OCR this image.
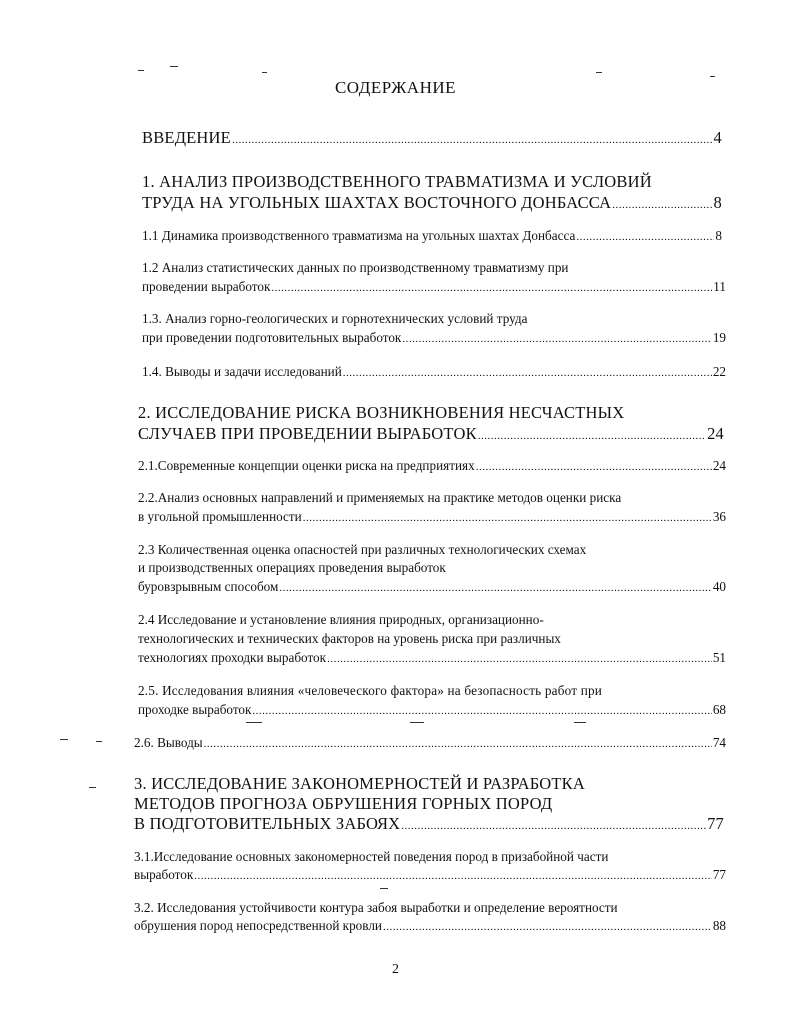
СОДЕРЖАНИЕ
ВВЕДЕНИЕ .....	4
1. АНАЛИЗ ПРОИЗВОДСТВЕННОГО ТРАВМАТИЗМА И УСЛОВИЙ
ТРУДА НА УГОЛЬНЫХ ШАХТАХ ВОСТОЧНОГО ДОНБАССА .....	8
1.1 Динамика производственного травматизма на угольных шахтах Донбасса .....	8
1.2 Анализ статистических данных по производственному травматизму при
проведении выработок .....	11
1.3. Анализ горно-геологических и горнотехнических условий труда
при проведении подготовительных выработок .....	19
1.4. Выводы и задачи исследований .....	22
2. ИССЛЕДОВАНИЕ РИСКА ВОЗНИКНОВЕНИЯ НЕСЧАСТНЫХ
СЛУЧАЕВ ПРИ ПРОВЕДЕНИИ ВЫРАБОТОК .....	24
2.1.Современные концепции оценки риска на предприятиях .....	24
2.2.Анализ основных направлений и применяемых на практике методов оценки риска
в угольной промышленности .....	36
2.3 Количественная оценка опасностей при различных технологических схемах
и производственных операциях проведения выработок
буровзрывным способом .....	40
2.4 Исследование и установление влияния природных, организационно-
технологических и технических факторов на уровень риска при различных
технологиях проходки выработок .....	51
2.5. Исследования влияния «человеческого фактора» на безопасность работ при
проходке выработок .....	68
2.6. Выводы .....	74
3. ИССЛЕДОВАНИЕ ЗАКОНОМЕРНОСТЕЙ И РАЗРАБОТКА
МЕТОДОВ ПРОГНОЗА ОБРУШЕНИЯ ГОРНЫХ ПОРОД
В ПОДГОТОВИТЕЛЬНЫХ ЗАБОЯХ .....	77
3.1.Исследование основных закономерностей поведения пород в призабойной части
выработок .....	77
3.2. Исследования устойчивости контура забоя выработки и определение вероятности
обрушения пород непосредственной кровли .....	88
2
